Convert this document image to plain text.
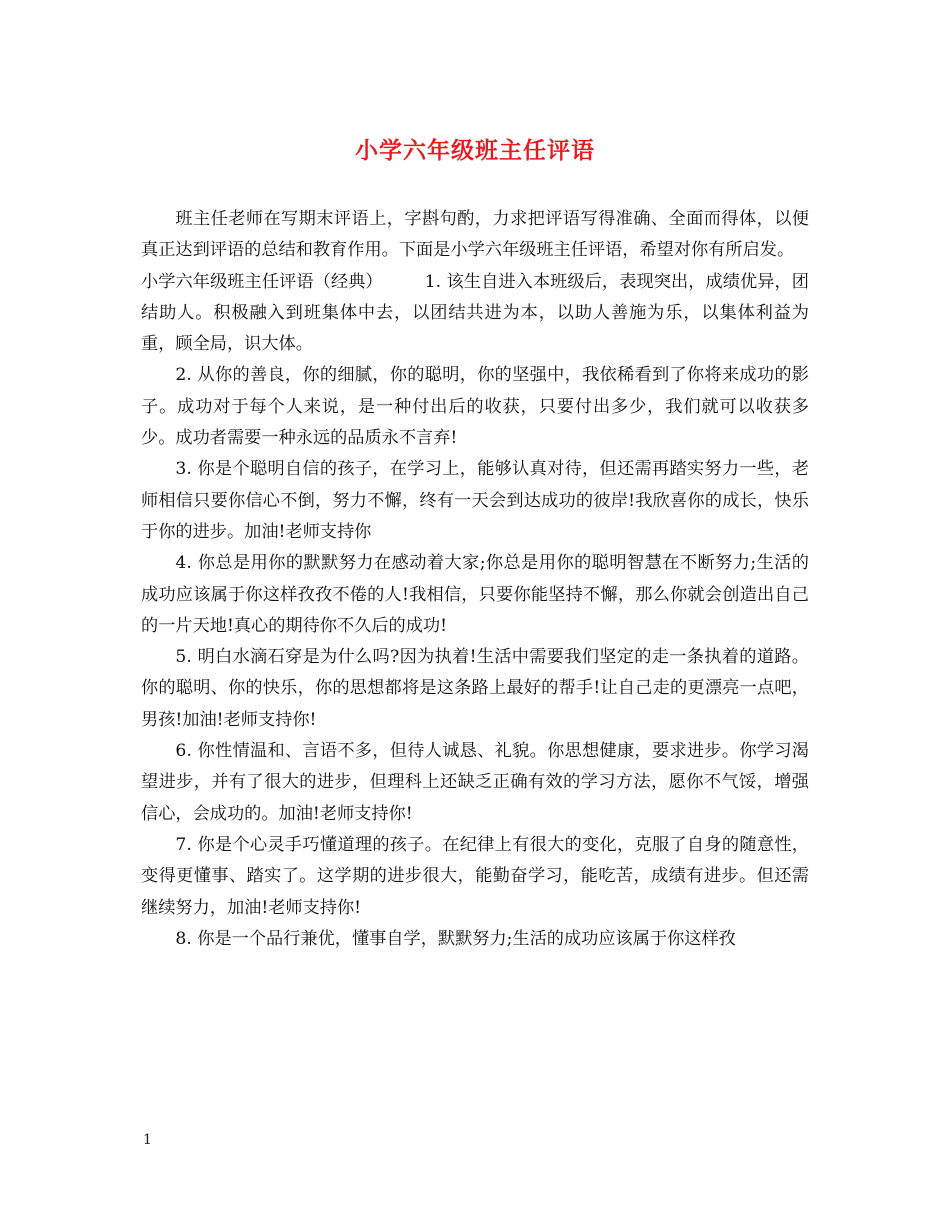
小学六年级班主任评语

班主任老师在写期末评语上，字斟句酌，力求把评语写得准确、全面而得体，以便真正达到评语的总结和教育作用。下面是小学六年级班主任评语，希望对你有所启发。

小学六年级班主任评语（经典） 1. 该生自进入本班级后，表现突出，成绩优异，团结助人。积极融入到班集体中去，以团结共进为本，以助人善施为乐，以集体利益为重，顾全局，识大体。

2. 从你的善良，你的细腻，你的聪明，你的坚强中，我依稀看到了你将来成功的影子。成功对于每个人来说，是一种付出后的收获，只要付出多少，我们就可以收获多少。成功者需要一种永远的品质永不言弃!

3. 你是个聪明自信的孩子，在学习上，能够认真对待，但还需再踏实努力一些，老师相信只要你信心不倒，努力不懈，终有一天会到达成功的彼岸!我欣喜你的成长，快乐于你的进步。加油!老师支持你

4. 你总是用你的默默努力在感动着大家;你总是用你的聪明智慧在不断努力;生活的成功应该属于你这样孜孜不倦的人!我相信，只要你能坚持不懈，那么你就会创造出自己的一片天地!真心的期待你不久后的成功!

5. 明白水滴石穿是为什么吗?因为执着!生活中需要我们坚定的走一条执着的道路。你的聪明、你的快乐，你的思想都将是这条路上最好的帮手!让自己走的更漂亮一点吧，男孩!加油!老师支持你!

6. 你性情温和、言语不多，但待人诚恳、礼貌。你思想健康，要求进步。你学习渴望进步，并有了很大的进步，但理科上还缺乏正确有效的学习方法，愿你不气馁，增强信心，会成功的。加油!老师支持你!

7. 你是个心灵手巧懂道理的孩子。在纪律上有很大的变化，克服了自身的随意性，变得更懂事、踏实了。这学期的进步很大，能勤奋学习，能吃苦，成绩有进步。但还需继续努力，加油!老师支持你!

8. 你是一个品行兼优，懂事自学，默默努力;生活的成功应该属于你这样孜

1
